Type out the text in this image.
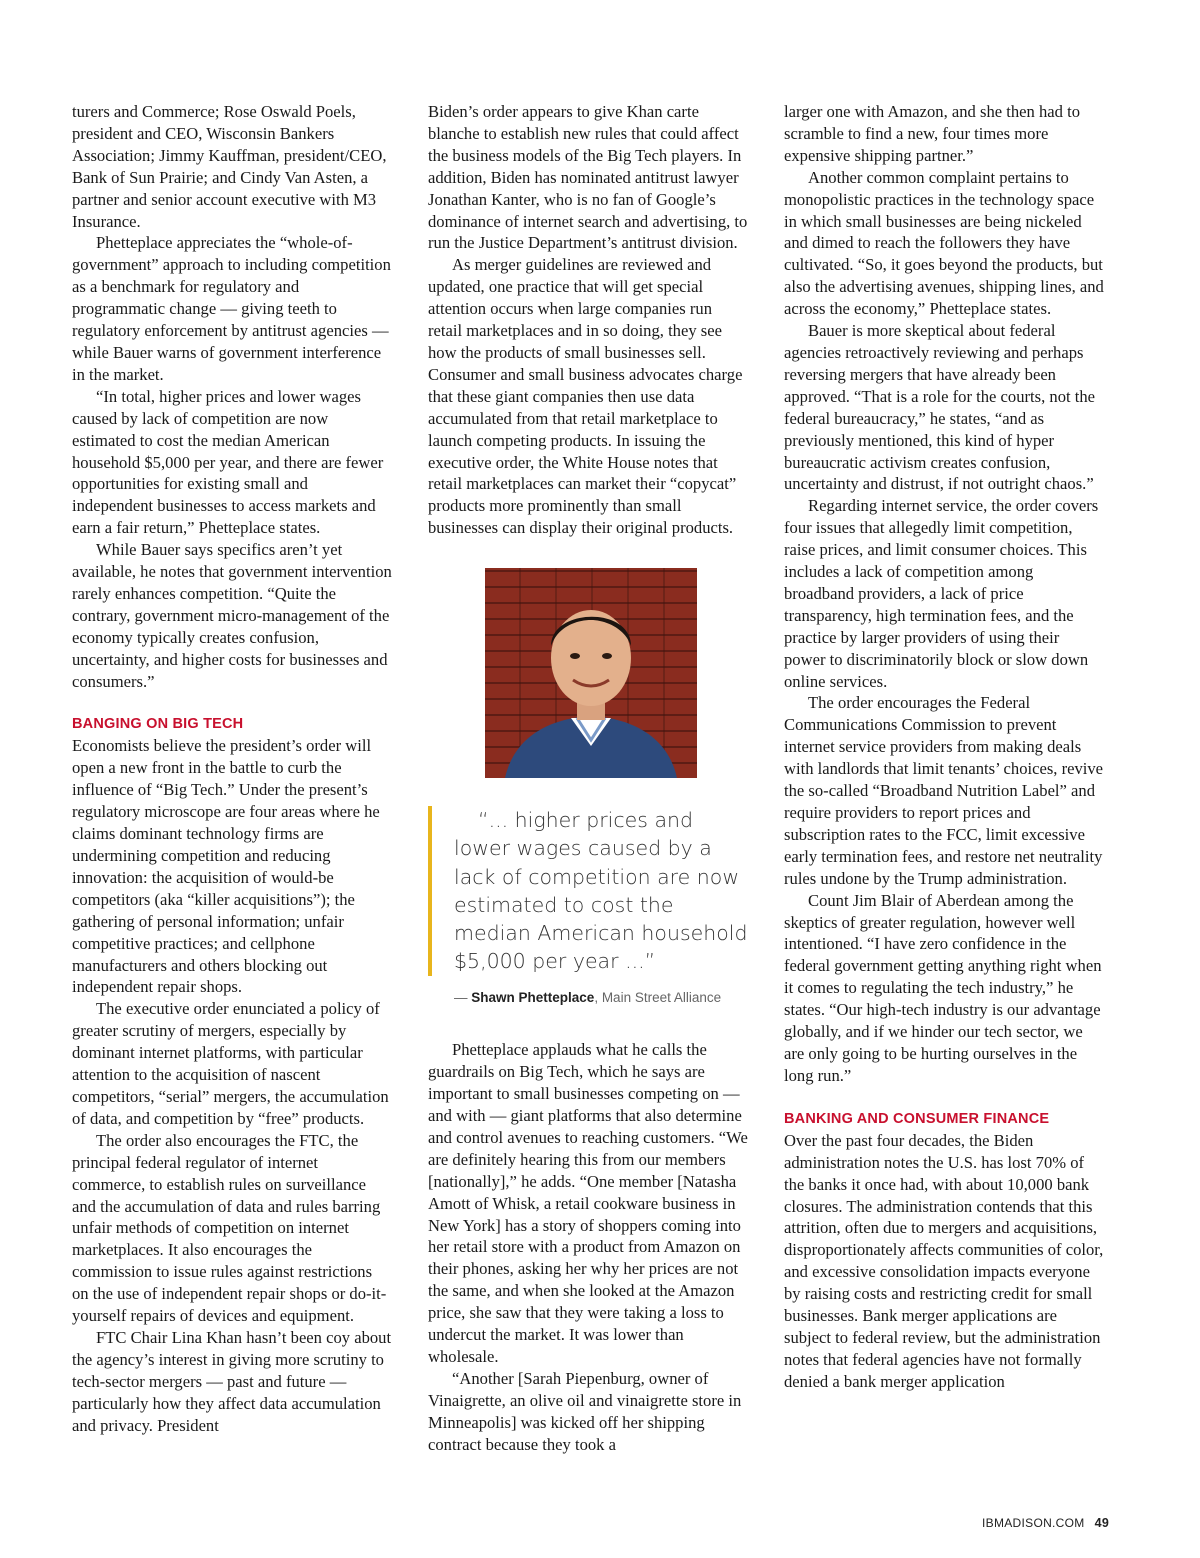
turers and Commerce; Rose Oswald Poels, president and CEO, Wisconsin Bankers Association; Jimmy Kauffman, president/CEO, Bank of Sun Prairie; and Cindy Van Asten, a partner and senior account executive with M3 Insurance.

Phetteplace appreciates the “whole-of-government” approach to including competition as a benchmark for regulatory and programmatic change — giving teeth to regulatory enforcement by antitrust agencies — while Bauer warns of government interference in the market.

“In total, higher prices and lower wages caused by lack of competition are now estimated to cost the median American household $5,000 per year, and there are fewer opportunities for existing small and independent businesses to access markets and earn a fair return,” Phetteplace states.

While Bauer says specifics aren’t yet available, he notes that government intervention rarely enhances competition. “Quite the contrary, government micro-management of the economy typically creates confusion, uncertainty, and higher costs for businesses and consumers.”

BANGING ON BIG TECH

Economists believe the president’s order will open a new front in the battle to curb the influence of “Big Tech.” Under the present’s regulatory microscope are four areas where he claims dominant technology firms are undermining competition and reducing innovation: the acquisition of would-be competitors (aka “killer acquisitions”); the gathering of personal information; unfair competitive practices; and cellphone manufacturers and others blocking out independent repair shops.

The executive order enunciated a policy of greater scrutiny of mergers, especially by dominant internet platforms, with particular attention to the acquisition of nascent competitors, “serial” mergers, the accumulation of data, and competition by “free” products.

The order also encourages the FTC, the principal federal regulator of internet commerce, to establish rules on surveillance and the accumulation of data and rules barring unfair methods of competition on internet marketplaces. It also encourages the commission to issue rules against restrictions on the use of independent repair shops or do-it-yourself repairs of devices and equipment.

FTC Chair Lina Khan hasn’t been coy about the agency’s interest in giving more scrutiny to tech-sector mergers — past and future — particularly how they affect data accumulation and privacy. President

Biden’s order appears to give Khan carte blanche to establish new rules that could affect the business models of the Big Tech players. In addition, Biden has nominated antitrust lawyer Jonathan Kanter, who is no fan of Google’s dominance of internet search and advertising, to run the Justice Department’s antitrust division.

As merger guidelines are reviewed and updated, one practice that will get special attention occurs when large companies run retail marketplaces and in so doing, they see how the products of small businesses sell. Consumer and small business advocates charge that these giant companies then use data accumulated from that retail marketplace to launch competing products. In issuing the executive order, the White House notes that retail marketplaces can market their “copycat” products more prominently than small businesses can display their original products.

“... higher prices and lower wages caused by a lack of competition are now estimated to cost the median American household $5,000 per year ...”

— Shawn Phetteplace, Main Street Alliance

Phetteplace applauds what he calls the guardrails on Big Tech, which he says are important to small businesses competing on — and with — giant platforms that also determine and control avenues to reaching customers. “We are definitely hearing this from our members [nationally],” he adds. “One member [Natasha Amott of Whisk, a retail cookware business in New York] has a story of shoppers coming into her retail store with a product from Amazon on their phones, asking her why her prices are not the same, and when she looked at the Amazon price, she saw that they were taking a loss to undercut the market. It was lower than wholesale.

“Another [Sarah Piepenburg, owner of Vinaigrette, an olive oil and vinaigrette store in Minneapolis] was kicked off her shipping contract because they took a

larger one with Amazon, and she then had to scramble to find a new, four times more expensive shipping partner.”

Another common complaint pertains to monopolistic practices in the technology space in which small businesses are being nickeled and dimed to reach the followers they have cultivated. “So, it goes beyond the products, but also the advertising avenues, shipping lines, and across the economy,” Phetteplace states.

Bauer is more skeptical about federal agencies retroactively reviewing and perhaps reversing mergers that have already been approved. “That is a role for the courts, not the federal bureaucracy,” he states, “and as previously mentioned, this kind of hyper bureaucratic activism creates confusion, uncertainty and distrust, if not outright chaos.”

Regarding internet service, the order covers four issues that allegedly limit competition, raise prices, and limit consumer choices. This includes a lack of competition among broadband providers, a lack of price transparency, high termination fees, and the practice by larger providers of using their power to discriminatorily block or slow down online services.

The order encourages the Federal Communications Commission to prevent internet service providers from making deals with landlords that limit tenants’ choices, revive the so-called “Broadband Nutrition Label” and require providers to report prices and subscription rates to the FCC, limit excessive early termination fees, and restore net neutrality rules undone by the Trump administration.

Count Jim Blair of Aberdean among the skeptics of greater regulation, however well intentioned. “I have zero confidence in the federal government getting anything right when it comes to regulating the tech industry,” he states. “Our high-tech industry is our advantage globally, and if we hinder our tech sector, we are only going to be hurting ourselves in the long run.”

BANKING AND CONSUMER FINANCE

Over the past four decades, the Biden administration notes the U.S. has lost 70% of the banks it once had, with about 10,000 bank closures. The administration contends that this attrition, often due to mergers and acquisitions, disproportionately affects communities of color, and excessive consolidation impacts everyone by raising costs and restricting credit for small businesses. Bank merger applications are subject to federal review, but the administration notes that federal agencies have not formally denied a bank merger application

IBMADISON.COM 49
